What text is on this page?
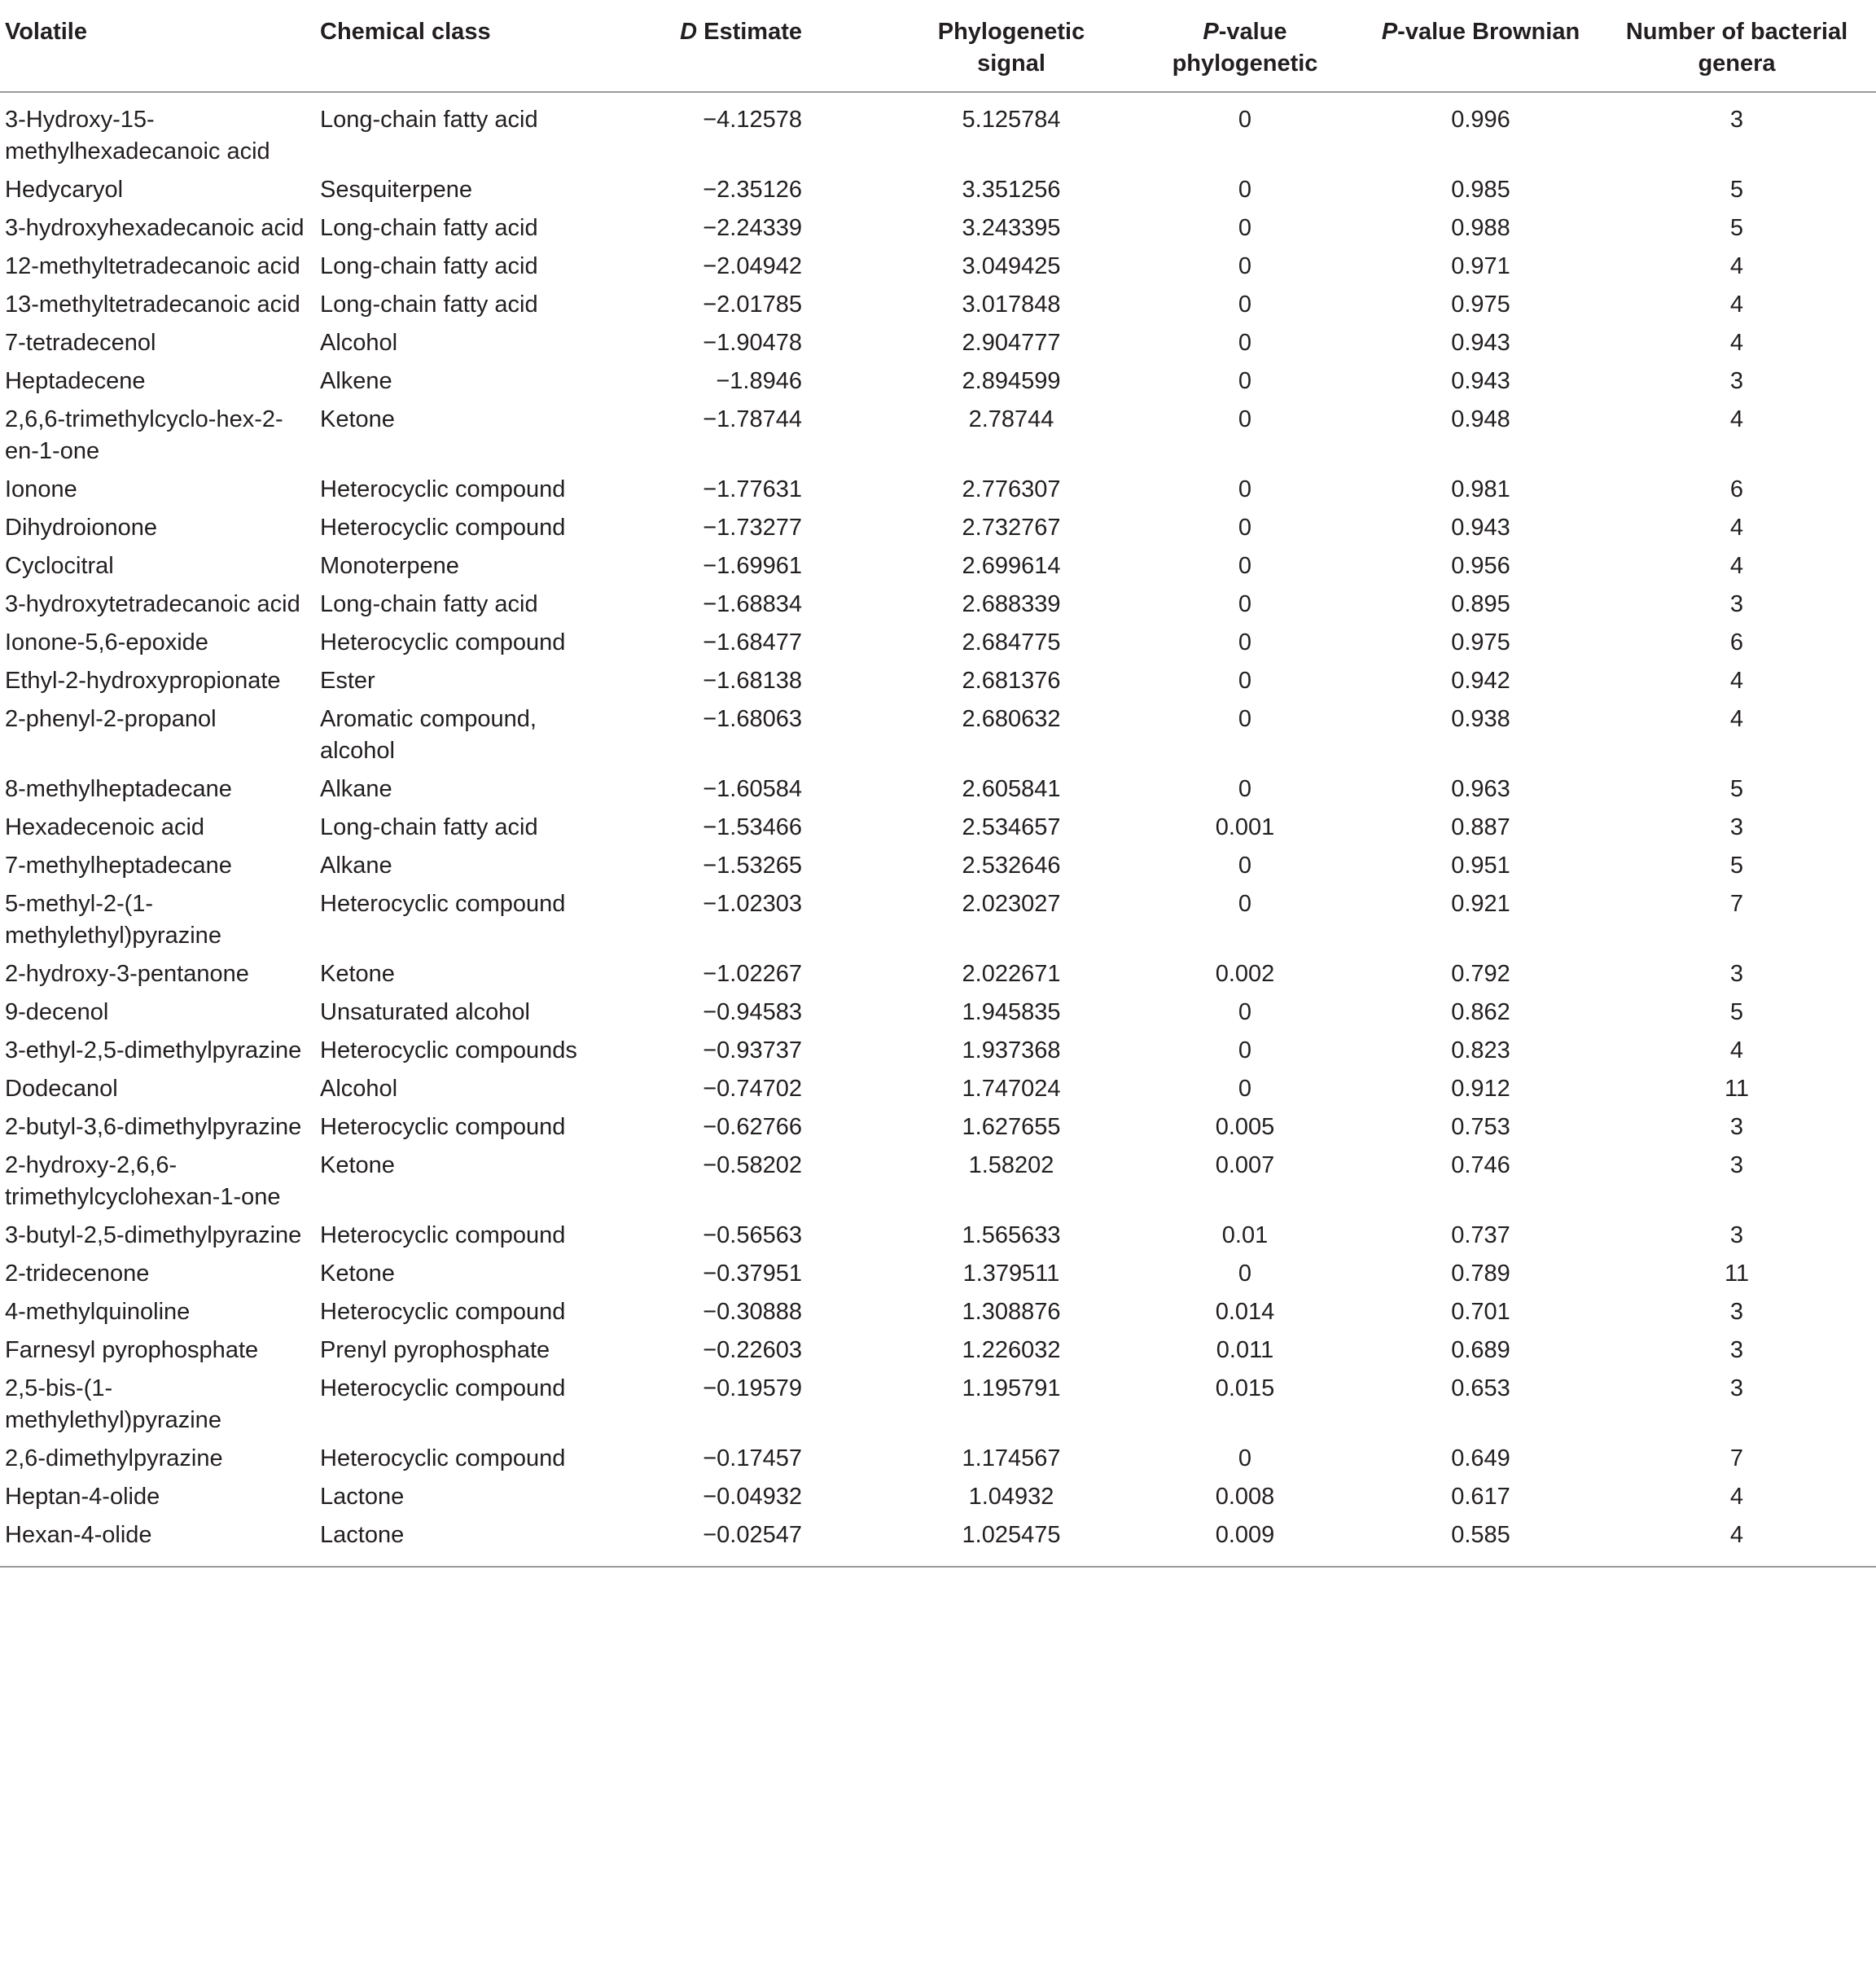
Volatile	Chemical class	D Estimate	Phylogenetic signal	P-value phylogenetic	P-value Brownian	Number of bacterial genera
3-Hydroxy-15-methylhexadecanoic acid	Long-chain fatty acid	−4.12578	5.125784	0	0.996	3
Hedycaryol	Sesquiterpene	−2.35126	3.351256	0	0.985	5
3-hydroxyhexadecanoic acid	Long-chain fatty acid	−2.24339	3.243395	0	0.988	5
12-methyltetradecanoic acid	Long-chain fatty acid	−2.04942	3.049425	0	0.971	4
13-methyltetradecanoic acid	Long-chain fatty acid	−2.01785	3.017848	0	0.975	4
7-tetradecenol	Alcohol	−1.90478	2.904777	0	0.943	4
Heptadecene	Alkene	−1.8946	2.894599	0	0.943	3
2,6,6-trimethylcyclo-hex-2-en-1-one	Ketone	−1.78744	2.78744	0	0.948	4
Ionone	Heterocyclic compound	−1.77631	2.776307	0	0.981	6
Dihydroionone	Heterocyclic compound	−1.73277	2.732767	0	0.943	4
Cyclocitral	Monoterpene	−1.69961	2.699614	0	0.956	4
3-hydroxytetradecanoic acid	Long-chain fatty acid	−1.68834	2.688339	0	0.895	3
Ionone-5,6-epoxide	Heterocyclic compound	−1.68477	2.684775	0	0.975	6
Ethyl-2-hydroxypropionate	Ester	−1.68138	2.681376	0	0.942	4
2-phenyl-2-propanol	Aromatic compound, alcohol	−1.68063	2.680632	0	0.938	4
8-methylheptadecane	Alkane	−1.60584	2.605841	0	0.963	5
Hexadecenoic acid	Long-chain fatty acid	−1.53466	2.534657	0.001	0.887	3
7-methylheptadecane	Alkane	−1.53265	2.532646	0	0.951	5
5-methyl-2-(1-methylethyl)pyrazine	Heterocyclic compound	−1.02303	2.023027	0	0.921	7
2-hydroxy-3-pentanone	Ketone	−1.02267	2.022671	0.002	0.792	3
9-decenol	Unsaturated alcohol	−0.94583	1.945835	0	0.862	5
3-ethyl-2,5-dimethylpyrazine	Heterocyclic compounds	−0.93737	1.937368	0	0.823	4
Dodecanol	Alcohol	−0.74702	1.747024	0	0.912	11
2-butyl-3,6-dimethylpyrazine	Heterocyclic compound	−0.62766	1.627655	0.005	0.753	3
2-hydroxy-2,6,6-trimethylcyclohexan-1-one	Ketone	−0.58202	1.58202	0.007	0.746	3
3-butyl-2,5-dimethylpyrazine	Heterocyclic compound	−0.56563	1.565633	0.01	0.737	3
2-tridecenone	Ketone	−0.37951	1.379511	0	0.789	11
4-methylquinoline	Heterocyclic compound	−0.30888	1.308876	0.014	0.701	3
Farnesyl pyrophosphate	Prenyl pyrophosphate	−0.22603	1.226032	0.011	0.689	3
2,5-bis-(1-methylethyl)pyrazine	Heterocyclic compound	−0.19579	1.195791	0.015	0.653	3
2,6-dimethylpyrazine	Heterocyclic compound	−0.17457	1.174567	0	0.649	7
Heptan-4-olide	Lactone	−0.04932	1.04932	0.008	0.617	4
Hexan-4-olide	Lactone	−0.02547	1.025475	0.009	0.585	4
